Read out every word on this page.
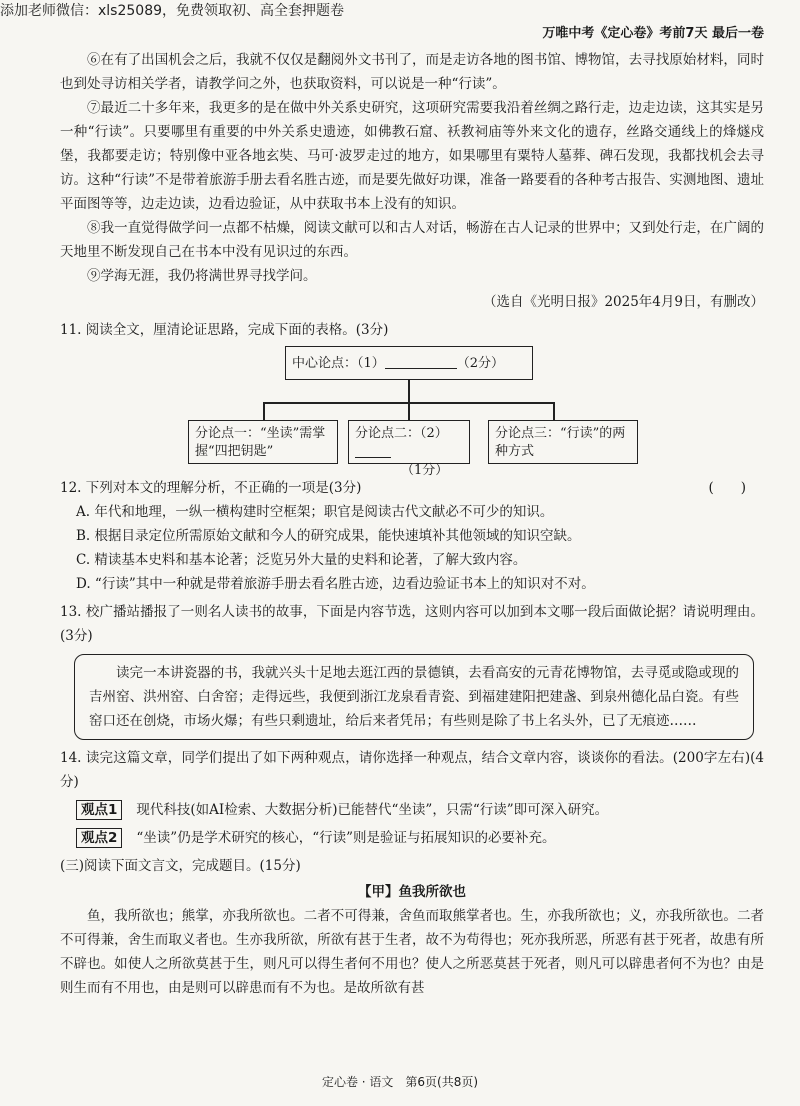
添加老师微信：xls25089，免费领取初、高全套押题卷
万唯中考《定心卷》考前7天 最后一卷

⑥在有了出国机会之后，我就不仅仅是翻阅外文书刊了，而是走访各地的图书馆、博物馆，去寻找原始材料，同时也到处寻访相关学者，请教学问之外，也获取资料，可以说是一种“行读”。

⑦最近二十多年来，我更多的是在做中外关系史研究，这项研究需要我沿着丝绸之路行走，边走边读，这其实是另一种“行读”。只要哪里有重要的中外关系史遗迹，如佛教石窟、袄教祠庙等外来文化的遗存，丝路交通线上的烽燧戍堡，我都要走访；特别像中亚各地玄奘、马可·波罗走过的地方，如果哪里有粟特人墓葬、碑石发现，我都找机会去寻访。这种“行读”不是带着旅游手册去看名胜古迹，而是要先做好功课，准备一路要看的各种考古报告、实测地图、遗址平面图等等，边走边读，边看边验证，从中获取书本上没有的知识。

⑧我一直觉得做学问一点都不枯燥，阅读文献可以和古人对话，畅游在古人记录的世界中；又到处行走，在广阔的天地里不断发现自己在书本中没有见识过的东西。

⑨学海无涯，我仍将满世界寻找学问。

（选自《光明日报》2025年4月9日，有删改）

11. 阅读全文，厘清论证思路，完成下面的表格。(3分)

中心论点：（1）	（2分）
分论点一：“坐读”需掌握“四把钥匙”
分论点二：（2）
（1分）
分论点三：“行读”的两种方式

12. 下列对本文的理解分析，不正确的一项是(3分)	(　　)

A. 年代和地理，一纵一横构建时空框架；职官是阅读古代文献必不可少的知识。

B. 根据目录定位所需原始文献和今人的研究成果，能快速填补其他领域的知识空缺。

C. 精读基本史料和基本论著；泛览另外大量的史料和论著，了解大致内容。

D. “行读”其中一种就是带着旅游手册去看名胜古迹，边看边验证书本上的知识对不对。

13. 校广播站播报了一则名人读书的故事，下面是内容节选，这则内容可以加到本文哪一段后面做论据？请说明理由。(3分)

读完一本讲瓷器的书，我就兴头十足地去逛江西的景德镇，去看高安的元青花博物馆，去寻觅或隐或现的吉州窑、洪州窑、白舍窑；走得远些，我便到浙江龙泉看青瓷、到福建建阳把建盏、到泉州德化品白瓷。有些窑口还在创烧，市场火爆；有些只剩遗址，给后来者凭吊；有些则是除了书上名头外，已了无痕迹……

14. 读完这篇文章，同学们提出了如下两种观点，请你选择一种观点，结合文章内容，谈谈你的看法。(200字左右)(4分)

观点1 现代科技(如AI检索、大数据分析)已能替代“坐读”，只需“行读”即可深入研究。
观点2 “坐读”仍是学术研究的核心，“行读”则是验证与拓展知识的必要补充。

(三)阅读下面文言文，完成题目。(15分)

【甲】鱼我所欲也

鱼，我所欲也；熊掌，亦我所欲也。二者不可得兼，舍鱼而取熊掌者也。生，亦我所欲也；义，亦我所欲也。二者不可得兼，舍生而取义者也。生亦我所欲，所欲有甚于生者，故不为苟得也；死亦我所恶，所恶有甚于死者，故患有所不辟也。如使人之所欲莫甚于生，则凡可以得生者何不用也？使人之所恶莫甚于死者，则凡可以辟患者何不为也？由是则生而有不用也，由是则可以辟患而有不为也。是故所欲有甚

定心卷 · 语文　第6页(共8页)
